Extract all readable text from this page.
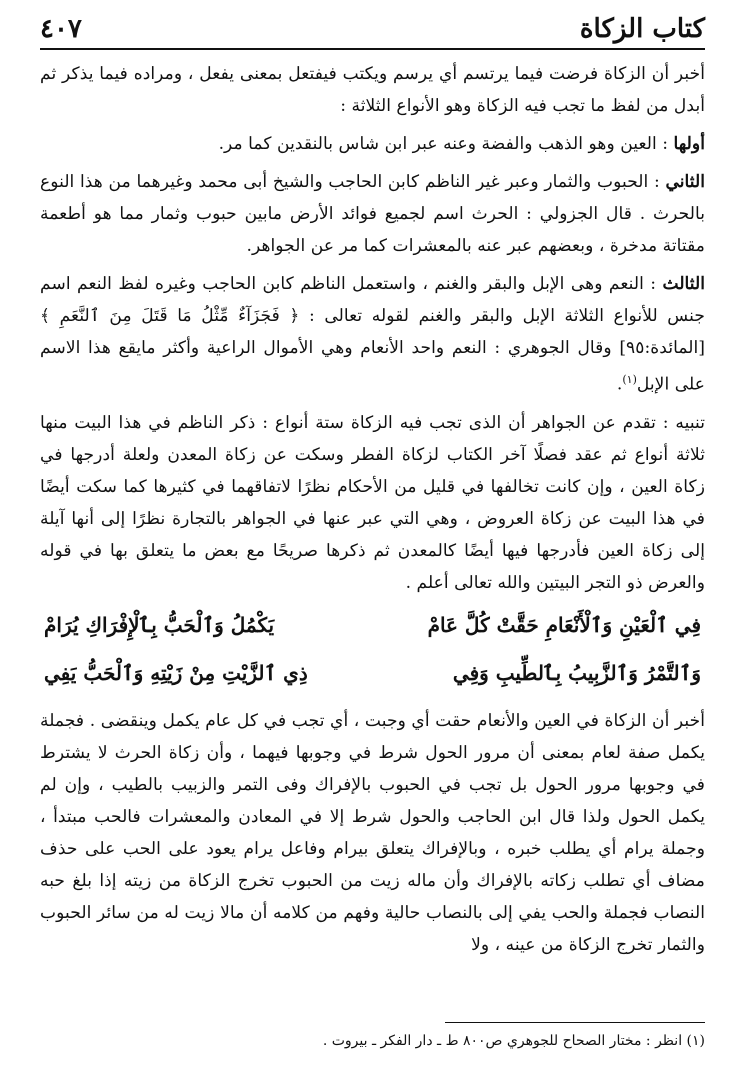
كتاب الزكاة
٤٠٧

أخبر أن الزكاة فرضت فيما يرتسم أي يرسم ويكتب فيفتعل بمعنى يفعل ، ومراده فيما يذكر ثم أبدل من لفظ ما تجب فيه الزكاة وهو الأنواع الثلاثة :

أولها : العين وهو الذهب والفضة وعنه عبر ابن شاس بالنقدين كما مر.

الثاني : الحبوب والثمار وعبر غير الناظم كابن الحاجب والشيخ أبى محمد وغيرهما من هذا النوع بالحرث . قال الجزولي : الحرث اسم لجميع فوائد الأرض مابين حبوب وثمار مما هو أطعمة مقتاتة مدخرة ، وبعضهم عبر عنه بالمعشرات كما مر عن الجواهر.

الثالث : النعم وهى الإبل والبقر والغنم ، واستعمل الناظم كابن الحاجب وغيره لفظ النعم اسم جنس للأنواع الثلاثة الإبل والبقر والغنم لقوله تعالى : ﴿ فَجَزَآءٌ مِّثْلُ مَا قَتَلَ مِنَ ٱلنَّعَمِ ﴾ [المائدة:٩٥] وقال الجوهري : النعم واحد الأنعام وهي الأموال الراعية وأكثر مايقع هذا الاسم على الإبل$^{(١)}$.

تنبيه : تقدم عن الجواهر أن الذى تجب فيه الزكاة ستة أنواع : ذكر الناظم في هذا البيت منها ثلاثة أنواع ثم عقد فصلًا آخر الكتاب لزكاة الفطر وسكت عن زكاة المعدن ولعلة أدرجها في زكاة العين ، وإن كانت تخالفها في قليل من الأحكام نظرًا لاتفاقهما في كثيرها كما سكت أيضًا في هذا البيت عن زكاة العروض ، وهي التي عبر عنها في الجواهر بالتجارة نظرًا إلى أنها آيلة إلى زكاة العين فأدرجها فيها أيضًا كالمعدن ثم ذكرها صريحًا مع بعض ما يتعلق بها في قوله والعرض ذو التجر البيتين والله تعالى أعلم .

فِي ٱلْعَيْنِ وَٱلْأَنْعَامِ حَقَّتْ كُلَّ عَامْ
يَكْمُلُ وَٱلْحَبُّ بِٱلْإِفْرَاكِ يُرَامْ
وَٱلتَّمْرُ وَٱلزَّبِيبُ بِٱلطِّيبِ وَفِي
ذِي ٱلزَّيْتِ مِنْ زَيْتِهِ وَٱلْحَبُّ يَفِي

أخبر أن الزكاة في العين والأنعام حقت أي وجبت ، أي تجب في كل عام يكمل وينقضى . فجملة يكمل صفة لعام بمعنى أن مرور الحول شرط في وجوبها فيهما ، وأن زكاة الحرث لا يشترط في وجوبها مرور الحول بل تجب في الحبوب بالإفراك وفى التمر والزبيب بالطيب ، وإن لم يكمل الحول ولذا قال ابن الحاجب والحول شرط إلا في المعادن والمعشرات فالحب مبتدأ ، وجملة يرام أي يطلب خبره ، وبالإفراك يتعلق بيرام وفاعل يرام يعود على الحب على حذف مضاف أي تطلب زكاته بالإفراك وأن ماله زيت من الحبوب تخرج الزكاة من زيته إذا بلغ حبه النصاب فجملة والحب يفي إلى بالنصاب حالية وفهم من كلامه أن مالا زيت له من سائر الحبوب والثمار تخرج الزكاة من عينه ، ولا

(١) انظر : مختار الصحاح للجوهري ص٨٠٠ ط ـ دار الفكر ـ بيروت .
